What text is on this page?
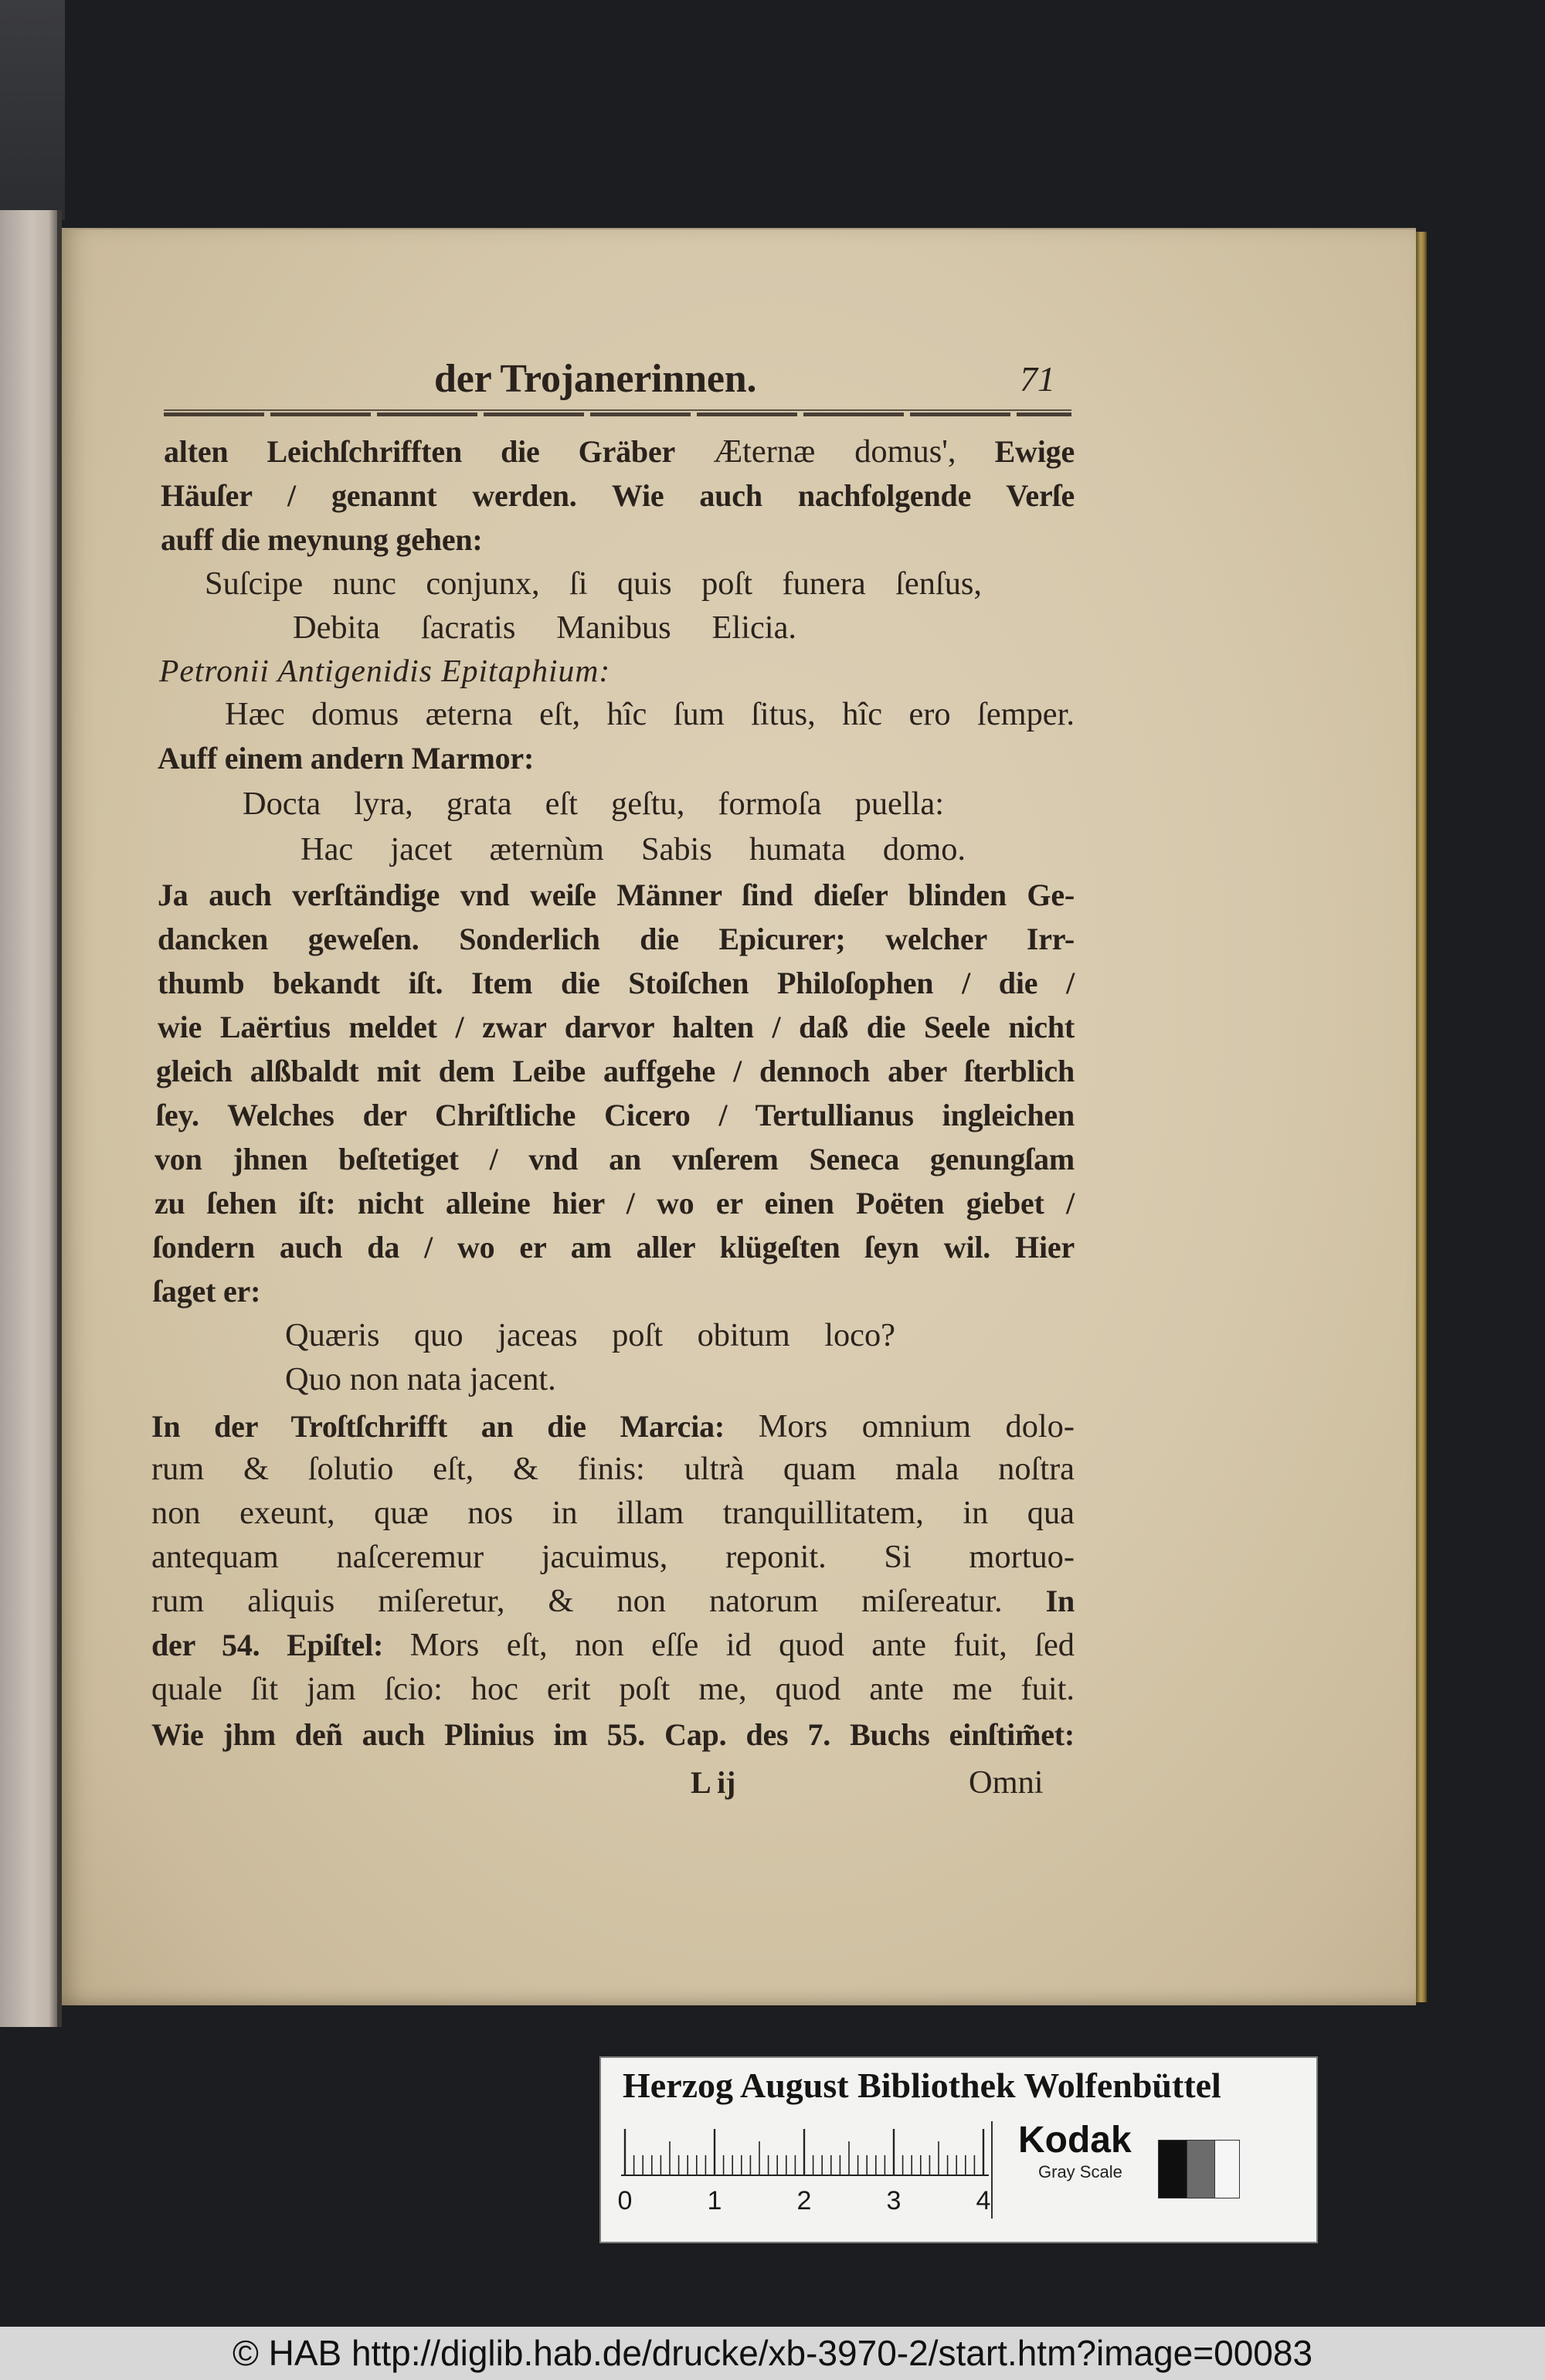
der Trojanerinnen.	71
alten Leichſchrifften die Gräber Æternæ domus', Ewige
Häuſer / genannt werden. Wie auch nachfolgende Verſe
auff die meynung gehen:
Suſcipe nunc conjunx, ſi quis poſt funera ſenſus,
Debita ſacratis Manibus Elicia.
Petronii Antigenidis Epitaphium:
Hæc domus æterna eſt, hîc ſum ſitus, hîc ero ſemper.
Auff einem andern Marmor:
Docta lyra, grata eſt geſtu, formoſa puella:
Hac jacet æternùm Sabis humata domo.
Ja auch verſtändige vnd weiſe Männer ſind dieſer blinden Ge-
dancken geweſen. Sonderlich die Epicurer; welcher Irr-
thumb bekandt iſt. Item die Stoiſchen Philoſophen / die /
wie Laërtius meldet / zwar darvor halten / daß die Seele nicht
gleich alßbaldt mit dem Leibe auffgehe / dennoch aber ſterblich
ſey. Welches der Chriſtliche Cicero / Tertullianus ingleichen
von jhnen beſtetiget / vnd an vnſerem Seneca genungſam
zu ſehen iſt: nicht alleine hier / wo er einen Poëten giebet /
ſondern auch da / wo er am aller klügeſten ſeyn wil. Hier
ſaget er:
Quæris quo jaceas poſt obitum loco?
Quo non nata jacent.
In der Troſtſchrifft an die Marcia: Mors omnium dolo-
rum & ſolutio eſt, & finis: ultrà quam mala noſtra
non exeunt, quæ nos in illam tranquillitatem, in qua
antequam naſceremur jacuimus, reponit. Si mortuo-
rum aliquis miſeretur, & non natorum miſereatur. In
der 54. Epiſtel: Mors eſt, non eſſe id quod ante fuit, ſed
quale ſit jam ſcio: hoc erit poſt me, quod ante me fuit.
Wie jhm deñ auch Plinius im 55. Cap. des 7. Buchs einſtim̃et:
L ij	Omni
Herzog August Bibliothek Wolfenbüttel
0	1	2	3	4
Kodak
Gray Scale
© HAB http://diglib.hab.de/drucke/xb-3970-2/start.htm?image=00083
